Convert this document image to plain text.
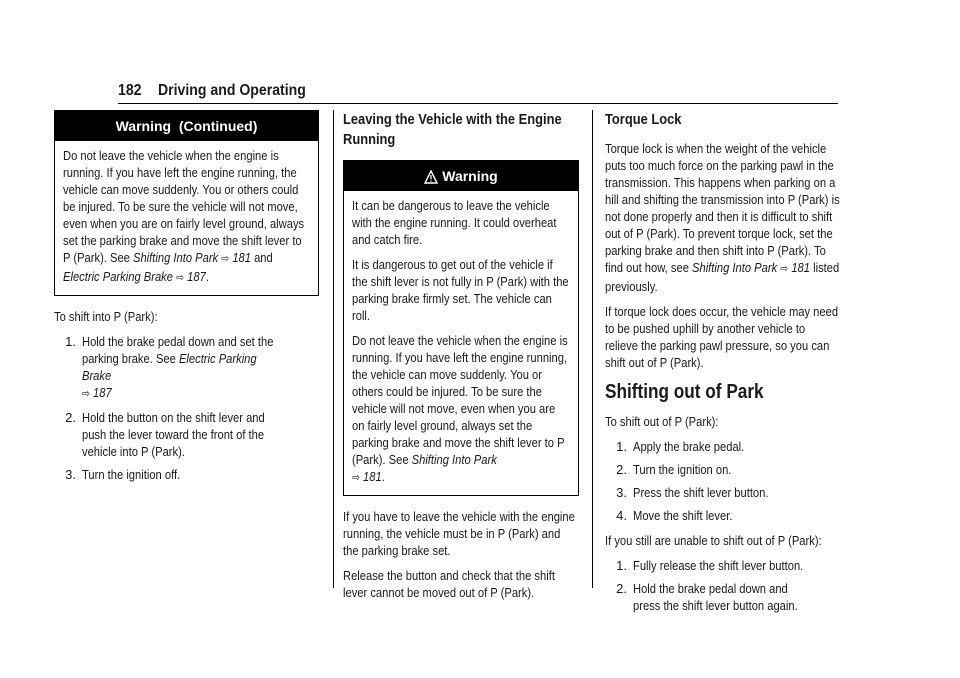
182 Driving and Operating
Warning  (Continued)

Do not leave the vehicle when the engine is running. If you have left the engine running, the vehicle can move suddenly. You or others could be injured. To be sure the vehicle will not move, even when you are on fairly level ground, always set the parking brake and move the shift lever to P (Park). See Shifting Into Park ⇨ 181 and
Electric Parking Brake ⇨ 187.

To shift into P (Park):

1. Hold the brake pedal down and set the parking brake. See Electric Parking Brake
⇨ 187
2. Hold the button on the shift lever and push the lever toward the front of the vehicle into P (Park).
3. Turn the ignition off.
Leaving the Vehicle with the Engine Running
Warning

It can be dangerous to leave the vehicle with the engine running. It could overheat and catch fire.

It is dangerous to get out of the vehicle if the shift lever is not fully in P (Park) with the parking brake firmly set. The vehicle can roll.

Do not leave the vehicle when the engine is running. If you have left the engine running, the vehicle can move suddenly. You or others could be injured. To be sure the vehicle will not move, even when you are on fairly level ground, always set the parking brake and move the shift lever to P (Park). See Shifting Into Park
⇨ 181.

If you have to leave the vehicle with the engine running, the vehicle must be in P (Park) and the parking brake set.

Release the button and check that the shift lever cannot be moved out of P (Park).

Torque Lock

Torque lock is when the weight of the vehicle puts too much force on the parking pawl in the transmission. This happens when parking on a hill and shifting the transmission into P (Park) is not done properly and then it is difficult to shift out of P (Park). To prevent torque lock, set the parking brake and then shift into P (Park). To find out how, see Shifting Into Park ⇨ 181 listed previously.

If torque lock does occur, the vehicle may need to be pushed uphill by another vehicle to relieve the parking pawl pressure, so you can shift out of P (Park).

Shifting out of Park

To shift out of P (Park):

1. Apply the brake pedal.
2. Turn the ignition on.
3. Press the shift lever button.
4. Move the shift lever.

If you still are unable to shift out of P (Park):

1. Fully release the shift lever button.
2. Hold the brake pedal down and press the shift lever button again.
